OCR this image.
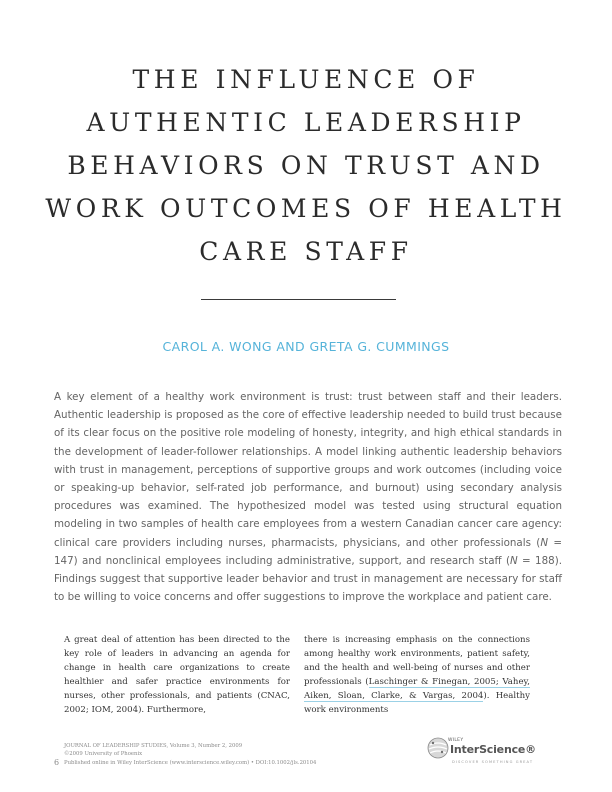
THE INFLUENCE OF
AUTHENTIC LEADERSHIP
BEHAVIORS ON TRUST AND
WORK OUTCOMES OF HEALTH
CARE STAFF
CAROL A. WONG AND GRETA G. CUMMINGS

A key element of a healthy work environment is trust: trust between staff and their leaders. Authentic leadership is proposed as the core of effective leadership needed to build trust because of its clear focus on the positive role modeling of honesty, integrity, and high ethical standards in the development of leader-follower relationships. A model linking authentic leadership behaviors with trust in management, perceptions of supportive groups and work outcomes (including voice or speaking-up behavior, self-rated job performance, and burnout) using secondary analysis procedures was examined. The hypothesized model was tested using structural equation modeling in two samples of health care employees from a western Canadian cancer care agency: clinical care providers including nurses, pharmacists, physicians, and other professionals (N = 147) and nonclinical employees including administrative, support, and research staff (N = 188). Findings suggest that supportive leader behavior and trust in management are necessary for staff to be willing to voice concerns and offer suggestions to improve the workplace and patient care.

A great deal of attention has been directed to the key role of leaders in advancing an agenda for change in health care organizations to create healthier and safer practice environments for nurses, other professionals, and patients (CNAC, 2002; IOM, 2004). Furthermore,

there is increasing emphasis on the connections among healthy work environments, patient safety, and the health and well-being of nurses and other professionals (Laschinger & Finegan, 2005; Vahey, Aiken, Sloan, Clarke, & Vargas, 2004). Healthy work environments

6
JOURNAL OF LEADERSHIP STUDIES, Volume 3, Number 2, 2009
©2009 University of Phoenix
Published online in Wiley InterScience (www.interscience.wiley.com) • DOI:10.1002/jls.20104
WILEY
InterScience®
DISCOVER SOMETHING GREAT
